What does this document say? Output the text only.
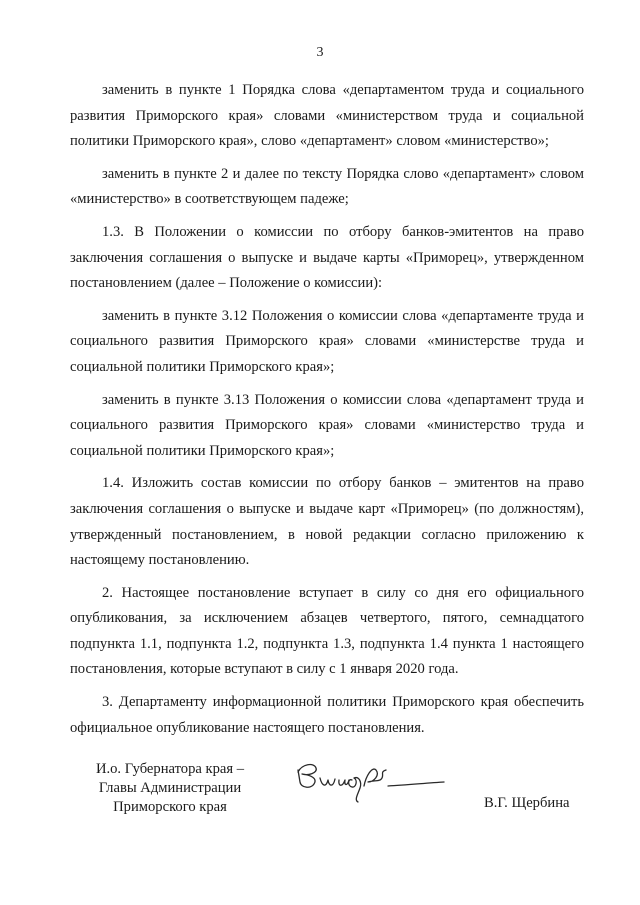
3

заменить в пункте 1 Порядка слова «департаментом труда и социального развития Приморского края» словами «министерством труда и социальной политики Приморского края», слово «департамент» словом «министерство»;

заменить в пункте 2 и далее по тексту Порядка слово «департамент» словом «министерство» в соответствующем падеже;

1.3. В Положении о комиссии по отбору банков-эмитентов на право заключения соглашения о выпуске и выдаче карты «Приморец», утвержденном постановлением (далее – Положение о комиссии):

заменить в пункте 3.12 Положения о комиссии слова «департаменте труда и социального развития Приморского края» словами «министерстве труда и социальной политики Приморского края»;

заменить в пункте 3.13 Положения о комиссии слова «департамент труда и социального развития Приморского края» словами «министерство труда и социальной политики Приморского края»;

1.4. Изложить состав комиссии по отбору банков – эмитентов на право заключения соглашения о выпуске и выдаче карт «Приморец» (по должностям), утвержденный постановлением, в новой редакции согласно приложению к настоящему постановлению.

2. Настоящее постановление вступает в силу со дня его официального опубликования, за исключением абзацев четвертого, пятого, семнадцатого подпункта 1.1, подпункта 1.2, подпункта 1.3, подпункта 1.4 пункта 1 настоящего постановления, которые вступают в силу с 1 января 2020 года.

3. Департаменту информационной политики Приморского края обеспечить официальное опубликование настоящего постановления.

И.о. Губернатора края –
Главы Администрации
Приморского края	В.Г. Щербина
